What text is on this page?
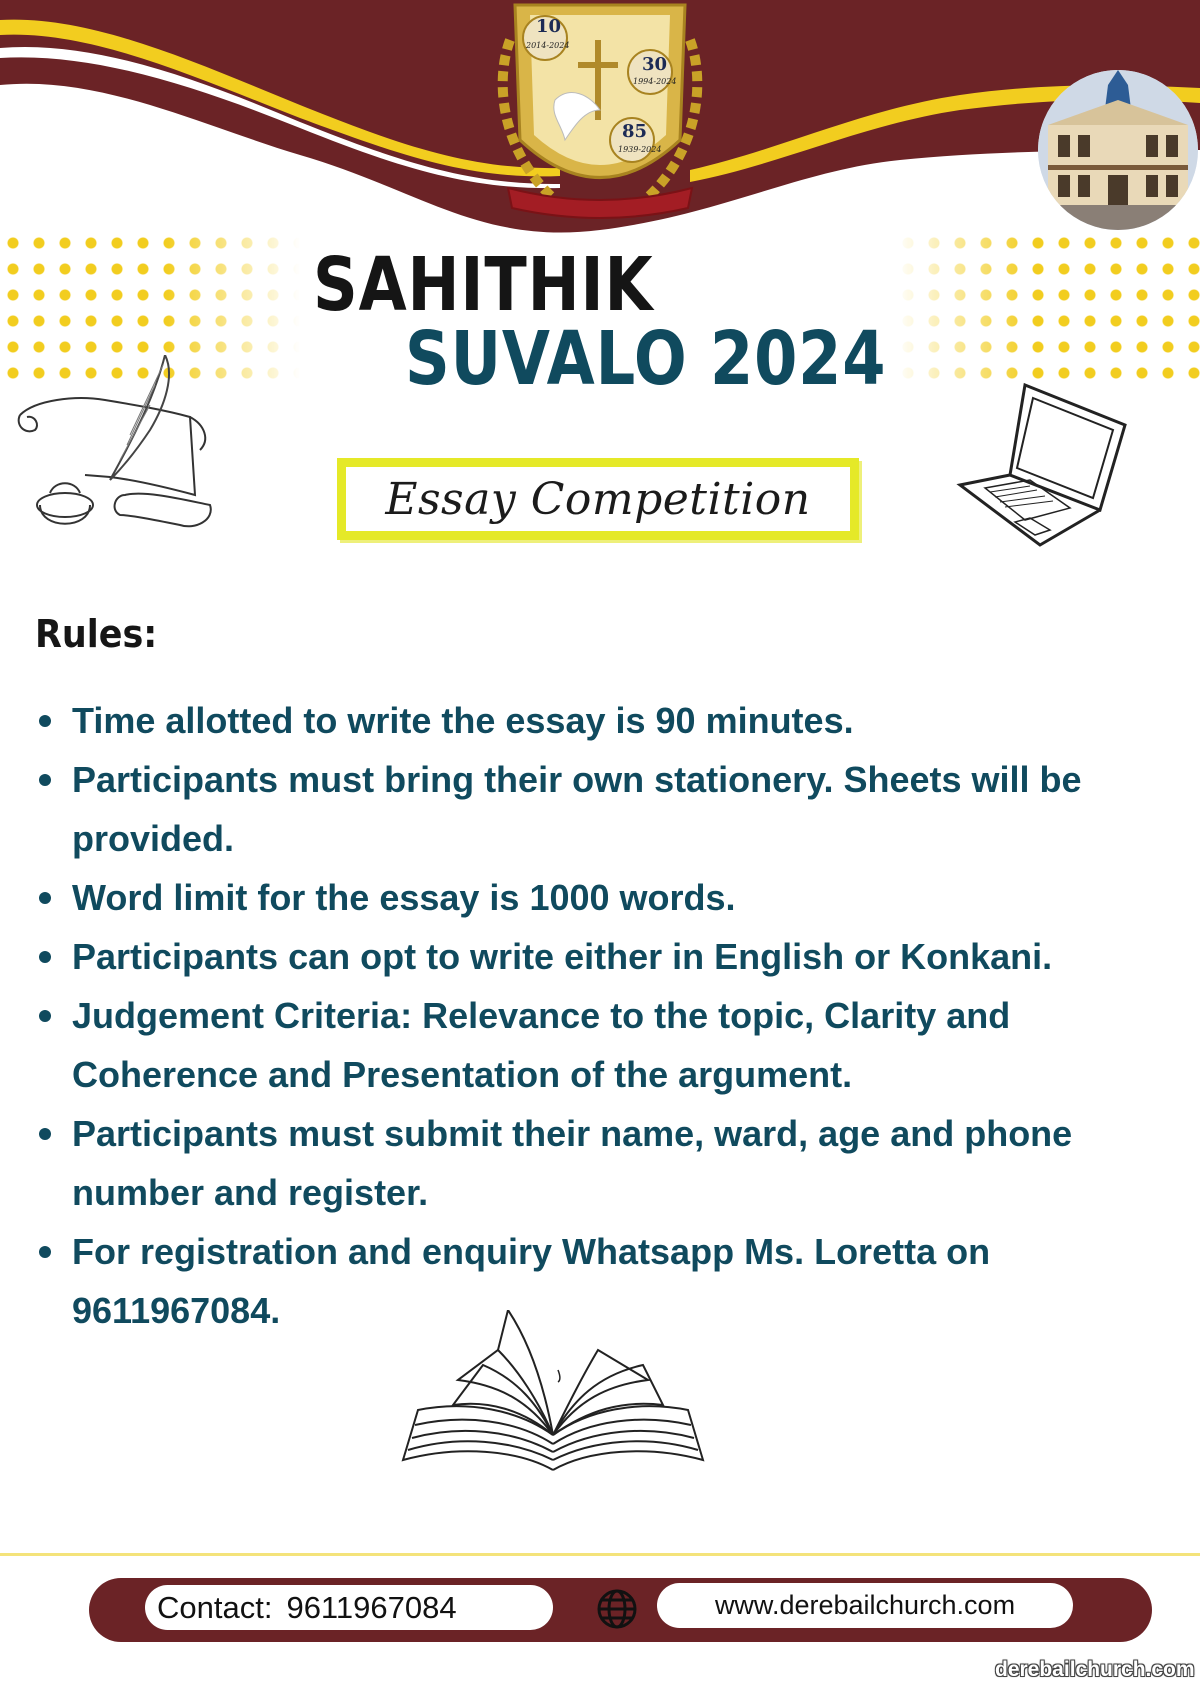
10
2014-2024
30
1994-2024
85
1939-2024
SAHITHIK
SUVALO 2024
Essay Competition
Rules:
Time allotted to write the essay is 90 minutes.
Participants must bring their own stationery. Sheets will be provided.
Word limit for the essay is 1000 words.
Participants can opt to write either in English or Konkani.
Judgement Criteria: Relevance to the topic, Clarity and Coherence and Presentation of the argument.
Participants must submit their name, ward, age and phone number and register.
For registration and enquiry Whatsapp Ms. Loretta on 9611967084.
Contact: 9611967084	www.derebailchurch.com
derebailchurch.com
